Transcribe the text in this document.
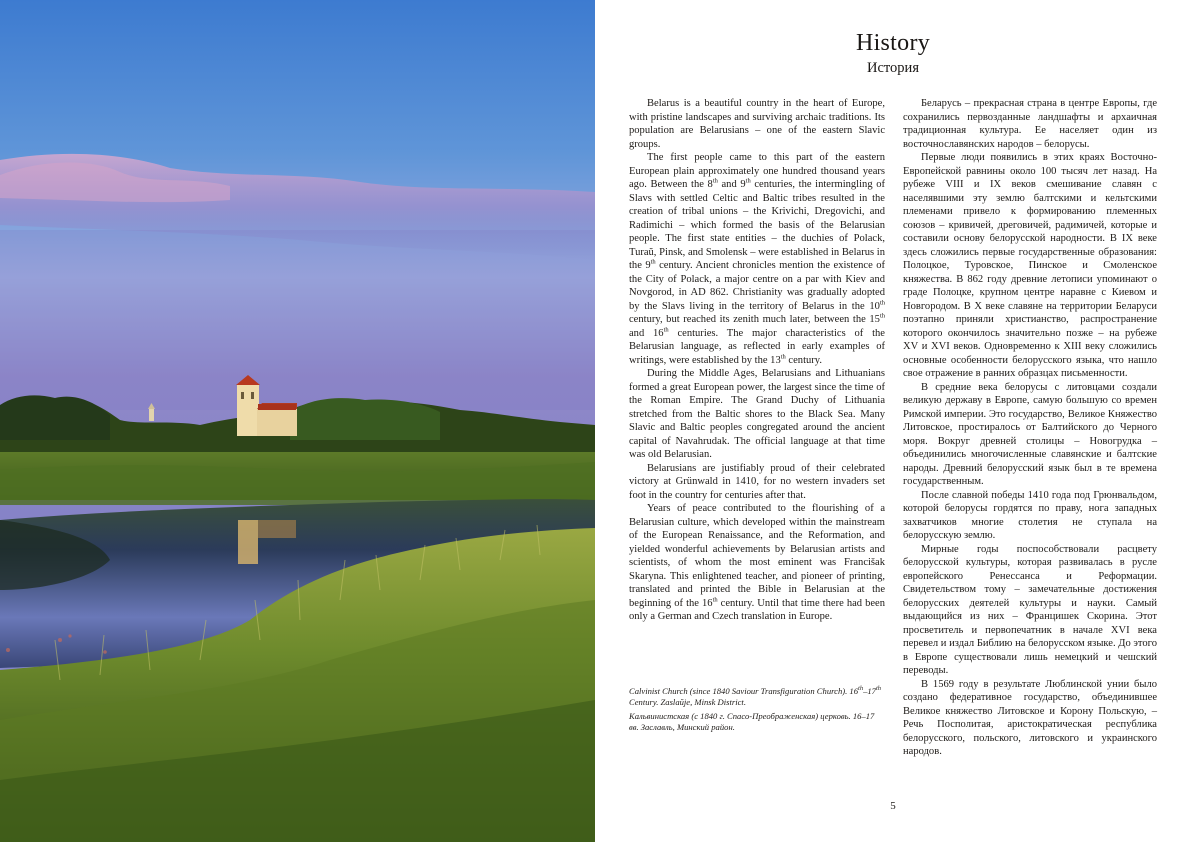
History
История

Belarus is a beautiful country in the heart of Europe, with pristine landscapes and surviving archaic traditions. Its population are Belarusians – one of the eastern Slavic groups.

The first people came to this part of the eastern European plain approximately one hundred thousand years ago. Between the 8th and 9th centuries, the intermingling of Slavs with settled Celtic and Baltic tribes resulted in the creation of tribal unions – the Krivichi, Dregovichi, and Radimichi – which formed the basis of the Belarusian people. The first state entities – the duchies of Polack, Turaŭ, Pinsk, and Smolensk – were established in Belarus in the 9th century. Ancient chronicles mention the existence of the City of Polack, a major centre on a par with Kiev and Novgorod, in AD 862. Christianity was gradually adopted by the Slavs living in the territory of Belarus in the 10th century, but reached its zenith much later, between the 15th and 16th centuries. The major characteristics of the Belarusian language, as reflected in early examples of writings, were established by the 13th century.

During the Middle Ages, Belarusians and Lithuanians formed a great European power, the largest since the time of the Roman Empire. The Grand Duchy of Lithuania stretched from the Baltic shores to the Black Sea. Many Slavic and Baltic peoples congregated around the ancient capital of Navahrudak. The official language at that time was old Belarusian.

Belarusians are justifiably proud of their celebrated victory at Grünwald in 1410, for no western invaders set foot in the country for centuries after that.

Years of peace contributed to the flourishing of a Belarusian culture, which developed within the mainstream of the European Renaissance, and the Reformation, and yielded wonderful achievements by Belarusian artists and scientists, of whom the most eminent was Francišak Skaryna. This enlightened teacher, and pioneer of printing, translated and printed the Bible in Belarusian at the beginning of the 16th century. Until that time there had been only a German and Czech translation in Europe.

Беларусь – прекрасная страна в центре Европы, где сохранились первозданные ландшафты и архаичная традиционная культура. Ее населяет один из восточнославянских народов – белорусы.

Первые люди появились в этих краях Восточно-Европейской равнины около 100 тысяч лет назад. На рубеже VIII и IX веков смешивание славян с населявшими эту землю балтскими и кельтскими племенами привело к формированию племенных союзов – кривичей, дреговичей, радимичей, которые и составили основу белорусской народности. В IX веке здесь сложились первые государственные образования: Полоцкое, Туровское, Пинское и Смоленское княжества. В 862 году древние летописи упоминают о граде Полоцке, крупном центре наравне с Киевом и Новгородом. В X веке славяне на территории Беларуси поэтапно приняли христианство, распространение которого окончилось значительно позже – на рубеже XV и XVI веков. Одновременно к XIII веку сложились основные особенности белорусского языка, что нашло свое отражение в ранних образцах письменности.

В средние века белорусы с литовцами создали великую державу в Европе, самую большую со времен Римской империи. Это государство, Великое Княжество Литовское, простиралось от Балтийского до Черного моря. Вокруг древней столицы – Новогрудка – объединились многочисленные славянские и балтские народы. Древний белорусский язык был в те времена государственным.

После славной победы 1410 года под Грюнвальдом, которой белорусы гордятся по праву, нога западных захватчиков многие столетия не ступала на белорусскую землю.

Мирные годы поспособствовали расцвету белорусской культуры, которая развивалась в русле европейского Ренессанса и Реформации. Свидетельством тому – замечательные достижения белорусских деятелей культуры и науки. Самый выдающийся из них – Францишек Скорина. Этот просветитель и первопечатник в начале XVI века перевел и издал Библию на белорусском языке. До этого в Европе существовали лишь немецкий и чешский переводы.

В 1569 году в результате Люблинской унии было создано федеративное государство, объединившее Великое княжество Литовское и Корону Польскую, – Речь Посполитая, аристократическая республика белорусского, польского, литовского и украинского народов.

Calvinist Church (since 1840 Saviour Transfiguration Church). 16th–17th Century. Zaslaŭje, Minsk District.
Кальвинистская (с 1840 г. Спасо-Преображенская) церковь. 16–17 вв. Заславль, Минский район.
5
